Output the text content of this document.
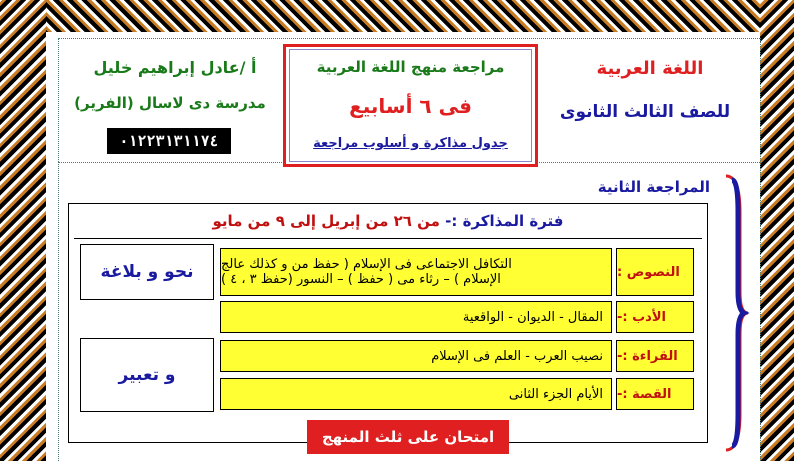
أ /عادل إبراهيم خليل
مدرسة دى لاسال (الفرير)
٠١٢٢٣١٣١١٧٤
مراجعة منهج اللغة العربية
فى ٦ أسابيع
جدول مذاكرة و أسلوب مراجعة
اللغة العربية
للصف الثالث الثانوى
المراجعة الثانية
فترة المذاكرة :- من ٢٦ من إبريل إلى ٩ من مايو
التكافل الاجتماعى فى الإسلام ( حفظ من و كذلك عالج
الإسلام ) – رثاء مى ( حفظ ) – النسور (حفظ ٣ ، ٤ )	النصوص :
المقال - الديوان - الواقعية	الأدب :-
نصيب العرب - العلم فى الإسلام	القراءة :-
الأيام الجزء الثانى	القصة :-
نحو و بلاغة
و تعبير
امتحان على ثلث المنهج
